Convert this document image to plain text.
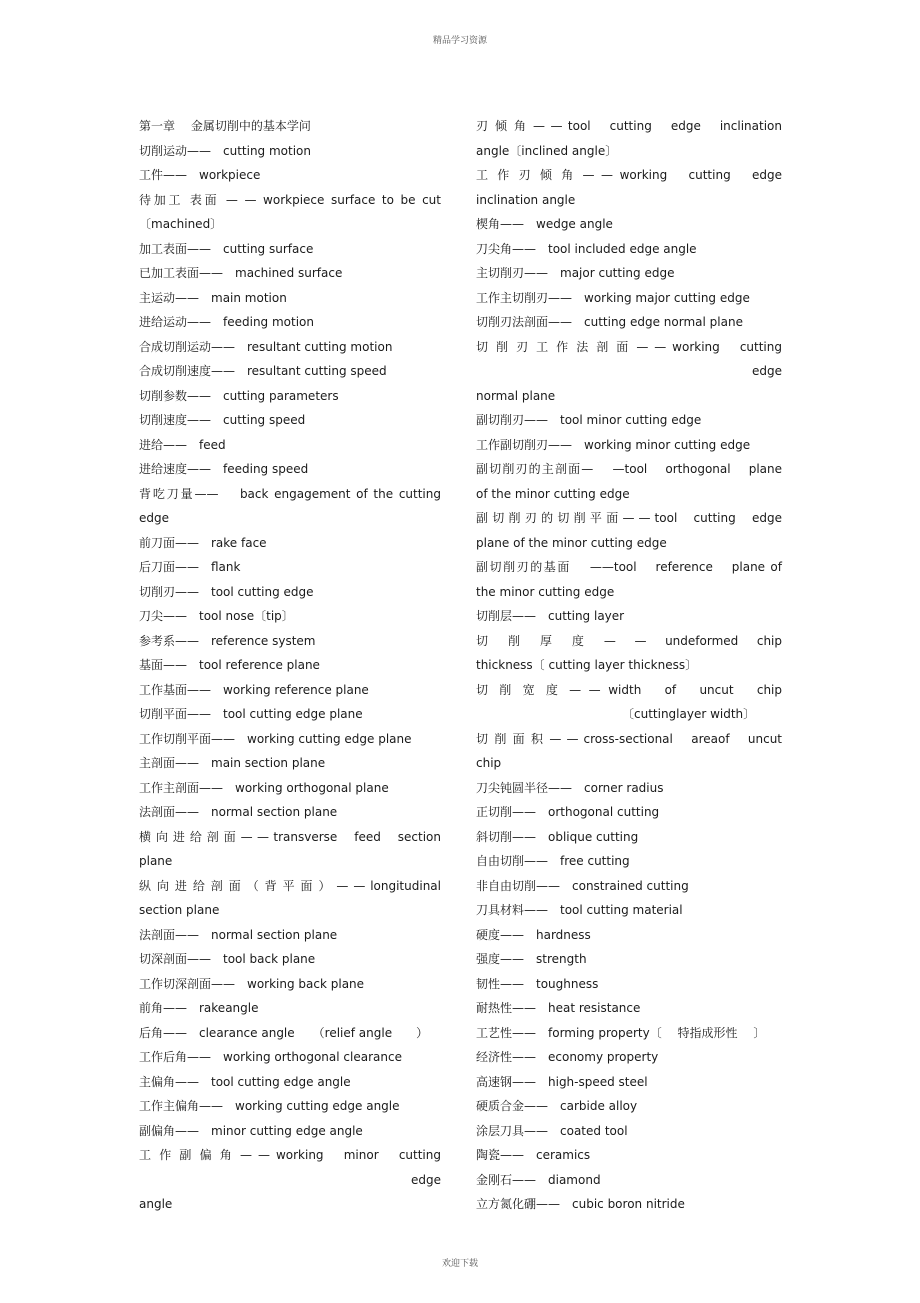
精品学习资源

第一章　 金属切削中的基本学问

切削运动——　cutting motion

工件——　workpiece

待加工 表面 — — workpiece surface to be cut

〔machined〕

加工表面——　cutting surface

已加工表面——　machined surface

主运动——　main motion

进给运动——　feeding motion

合成切削运动——　resultant cutting motion

合成切削速度——　resultant cutting speed

切削参数——　cutting parameters

切削速度——　cutting speed

进给——　feed

进给速度——　feeding speed

背吃刀量——　 back engagement of the cutting

edge

前刀面——　rake face

后刀面——　flank

切削刃——　tool cutting edge

刀尖——　tool nose〔tip〕

参考系——　reference system

基面——　tool reference plane

工作基面——　working reference plane

切削平面——　tool cutting edge plane

工作切削平面——　working cutting edge plane

主剖面——　main section plane

工作主剖面——　working orthogonal plane

法剖面——　normal section plane

横 向 进 给 剖 面 — — transverse 　feed 　section

plane

纵 向 进 给 剖 面 （ 背 平 面 ） — — longitudinal

section plane

法剖面——　normal section plane

切深剖面——　tool back plane

工作切深剖面——　working back plane

前角——　rakeangle

后角——　clearance angle　　（relief angle　　）

工作后角——　working orthogonal clearance

主偏角——　tool cutting edge angle

工作主偏角——　working cutting edge angle

副偏角——　minor cutting edge angle

工 作 副 偏 角 — — working 　minor 　cutting 　edge

angle

刃 倾 角 — — tool 　cutting 　edge 　inclination

angle〔inclined angle〕

工 作 刃 倾 角 — — working 　cutting 　edge

inclination angle

楔角——　wedge angle

刀尖角——　tool included edge angle

主切削刃——　major cutting edge

工作主切削刃——　working major cutting edge

切削刃法剖面——　cutting edge normal plane

切 削 刃 工 作 法 剖 面 — — working 　cutting 　edge

normal plane

副切削刃——　tool minor cutting edge

工作副切削刃——　working minor cutting edge

副切削刃的主剖面—　 —tool 　orthogonal 　plane

of the minor cutting edge

副 切 削 刃 的 切 削 平 面 — — tool 　cutting 　edge

plane of the minor cutting edge

副切削刃的基面　 ——tool 　reference 　plane of

the minor cutting edge

切削层——　cutting layer

切 　削 　厚 　度 　— 　— 　undeformed 　chip

thickness〔 cutting layer thickness〕

切 削 宽 度 — — width 　of 　uncut 　chip

〔cuttinglayer width〕

切 削 面 积 — — cross-sectional 　areaof 　uncut

chip

刀尖钝圆半径——　corner radius

正切削——　orthogonal cutting

斜切削——　oblique cutting

自由切削——　free cutting

非自由切削——　constrained cutting

刀具材料——　tool cutting material

硬度——　hardness

强度——　strength

韧性——　toughness

耐热性——　heat resistance

工艺性——　forming property〔　 特指成形性 　〕

经济性——　economy property

高速钢——　high-speed steel

硬质合金——　carbide alloy

涂层刀具——　coated tool

陶瓷——　ceramics

金刚石——　diamond

立方氮化硼——　cubic boron nitride

欢迎下载
